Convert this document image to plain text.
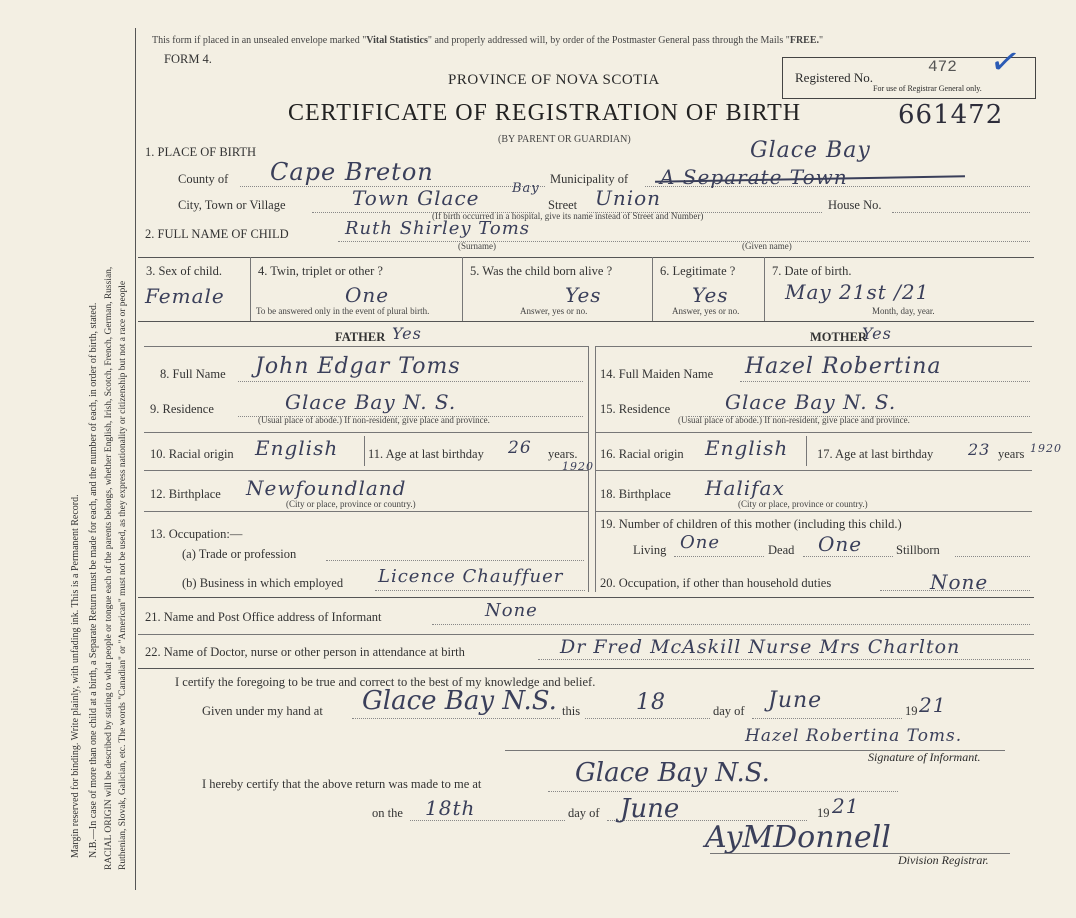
Margin reserved for binding. Write plainly, with unfading ink. This is a Permanent Record. N.B.—In case of more than one child at a birth, a Separate Return must be made for each, and the number of each, in order of birth, stated. RACIAL ORIGIN will be described by stating to what people or tongue each of the parents belongs, whether English, Irish, Scotch, French, German, Russian, Ruthenian, Slovak, Galician, etc. The words "Canadian" or "American" must not be used, as they express nationality or citizenship but not a race or people
This form if placed in an unsealed envelope marked "Vital Statistics" and properly addressed will, by order of the Postmaster General pass through the Mails "FREE."
FORM 4.
Registered No.
472
For use of Registrar General only.
✓
PROVINCE OF NOVA SCOTIA
CERTIFICATE OF REGISTRATION OF BIRTH	661472
(BY PARENT OR GUARDIAN)
1. PLACE OF BIRTH
County of Cape Breton	Municipality of A Separate Town
Glace Bay
City, Town or Village	Town Glace Bay
Street Union	House No.
(If birth occurred in a hospital, give its name instead of Street and Number)
2. FULL NAME OF CHILD	Ruth Shirley Toms
(Surname)	(Given name)
3. Sex of child.
Female
4. Twin, triplet or other ?
One
To be answered only in the event of plural birth.
5. Was the child born alive ?
Yes
Answer, yes or no.
6. Legitimate ?
Yes
Answer, yes or no.
7. Date of birth.
May 21st /21
Month, day, year.
FATHER Yes	MOTHER
Yes
8. Full Name John Edgar Toms
9. Residence	Glace Bay N. S.
(Usual place of abode.) If non-resident, give place and province.
10. Racial origin English 11. Age at last birthday 26 years.
1920
12. Birthplace Newfoundland
(City or place, province or country.)
13. Occupation:—
(a) Trade or profession
(b) Business in which employed Licence Chauffuer
14. Full Maiden Name Hazel Robertina
15. Residence	Glace Bay N. S.
(Usual place of abode.) If non-resident, give place and province.
16. Racial origin English 17. Age at last birthday 23 years 1920
18. Birthplace Halifax
(City or place, province or country.)
19. Number of children of this mother (including this child.)
Living One	Dead One	Stillborn
20. Occupation, if other than household duties	None
21. Name and Post Office address of Informant	None
22. Name of Doctor, nurse or other person in attendance at birth	Dr Fred McAskill Nurse Mrs Charlton
I certify the foregoing to be true and correct to the best of my knowledge and belief.
Given under my hand at Glace Bay N.S. this	18	day of June	19 21
Hazel Robertina Toms.
Signature of Informant.
I hereby certify that the above return was made to me at	Glace Bay N.S.
on the 18th	day of June	19 21
AyMDonnell
Division Registrar.
